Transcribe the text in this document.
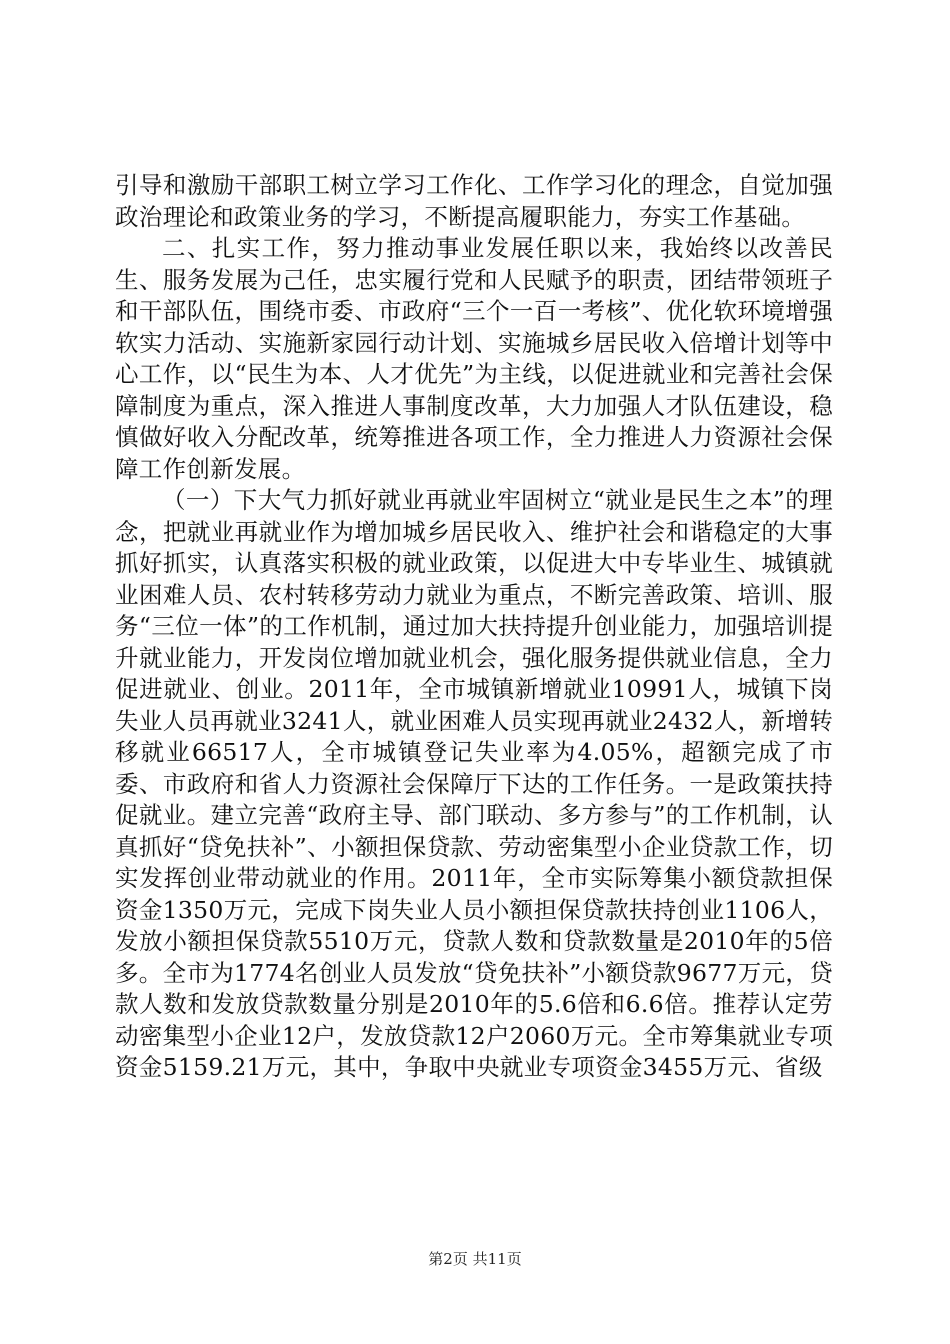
引导和激励干部职工树立学习工作化、工作学习化的理念，自觉加强政治理论和政策业务的学习，不断提高履职能力，夯实工作基础。

二、扎实工作，努力推动事业发展任职以来，我始终以改善民生、服务发展为己任，忠实履行党和人民赋予的职责，团结带领班子和干部队伍，围绕市委、市政府“三个一百一考核”、优化软环境增强软实力活动、实施新家园行动计划、实施城乡居民收入倍增计划等中心工作，以“民生为本、人才优先”为主线，以促进就业和完善社会保障制度为重点，深入推进人事制度改革，大力加强人才队伍建设，稳慎做好收入分配改革，统筹推进各项工作，全力推进人力资源社会保障工作创新发展。

（一）下大气力抓好就业再就业牢固树立“就业是民生之本”的理念，把就业再就业作为增加城乡居民收入、维护社会和谐稳定的大事抓好抓实，认真落实积极的就业政策，以促进大中专毕业生、城镇就业困难人员、农村转移劳动力就业为重点，不断完善政策、培训、服务“三位一体”的工作机制，通过加大扶持提升创业能力，加强培训提升就业能力，开发岗位增加就业机会，强化服务提供就业信息，全力促进就业、创业。2011年，全市城镇新增就业10991人，城镇下岗失业人员再就业3241人，就业困难人员实现再就业2432人，新增转移就业66517人，全市城镇登记失业率为4.05%，超额完成了市委、市政府和省人力资源社会保障厅下达的工作任务。一是政策扶持促就业。建立完善“政府主导、部门联动、多方参与”的工作机制，认真抓好“贷免扶补”、小额担保贷款、劳动密集型小企业贷款工作，切实发挥创业带动就业的作用。2011年，全市实际筹集小额贷款担保资金1350万元，完成下岗失业人员小额担保贷款扶持创业1106人，发放小额担保贷款5510万元，贷款人数和贷款数量是2010年的5倍多。全市为1774名创业人员发放“贷免扶补”小额贷款9677万元，贷款人数和发放贷款数量分别是2010年的5.6倍和6.6倍。推荐认定劳动密集型小企业12户，发放贷款12户2060万元。全市筹集就业专项资金5159.21万元，其中，争取中央就业专项资金3455万元、省级

第2页 共11页
